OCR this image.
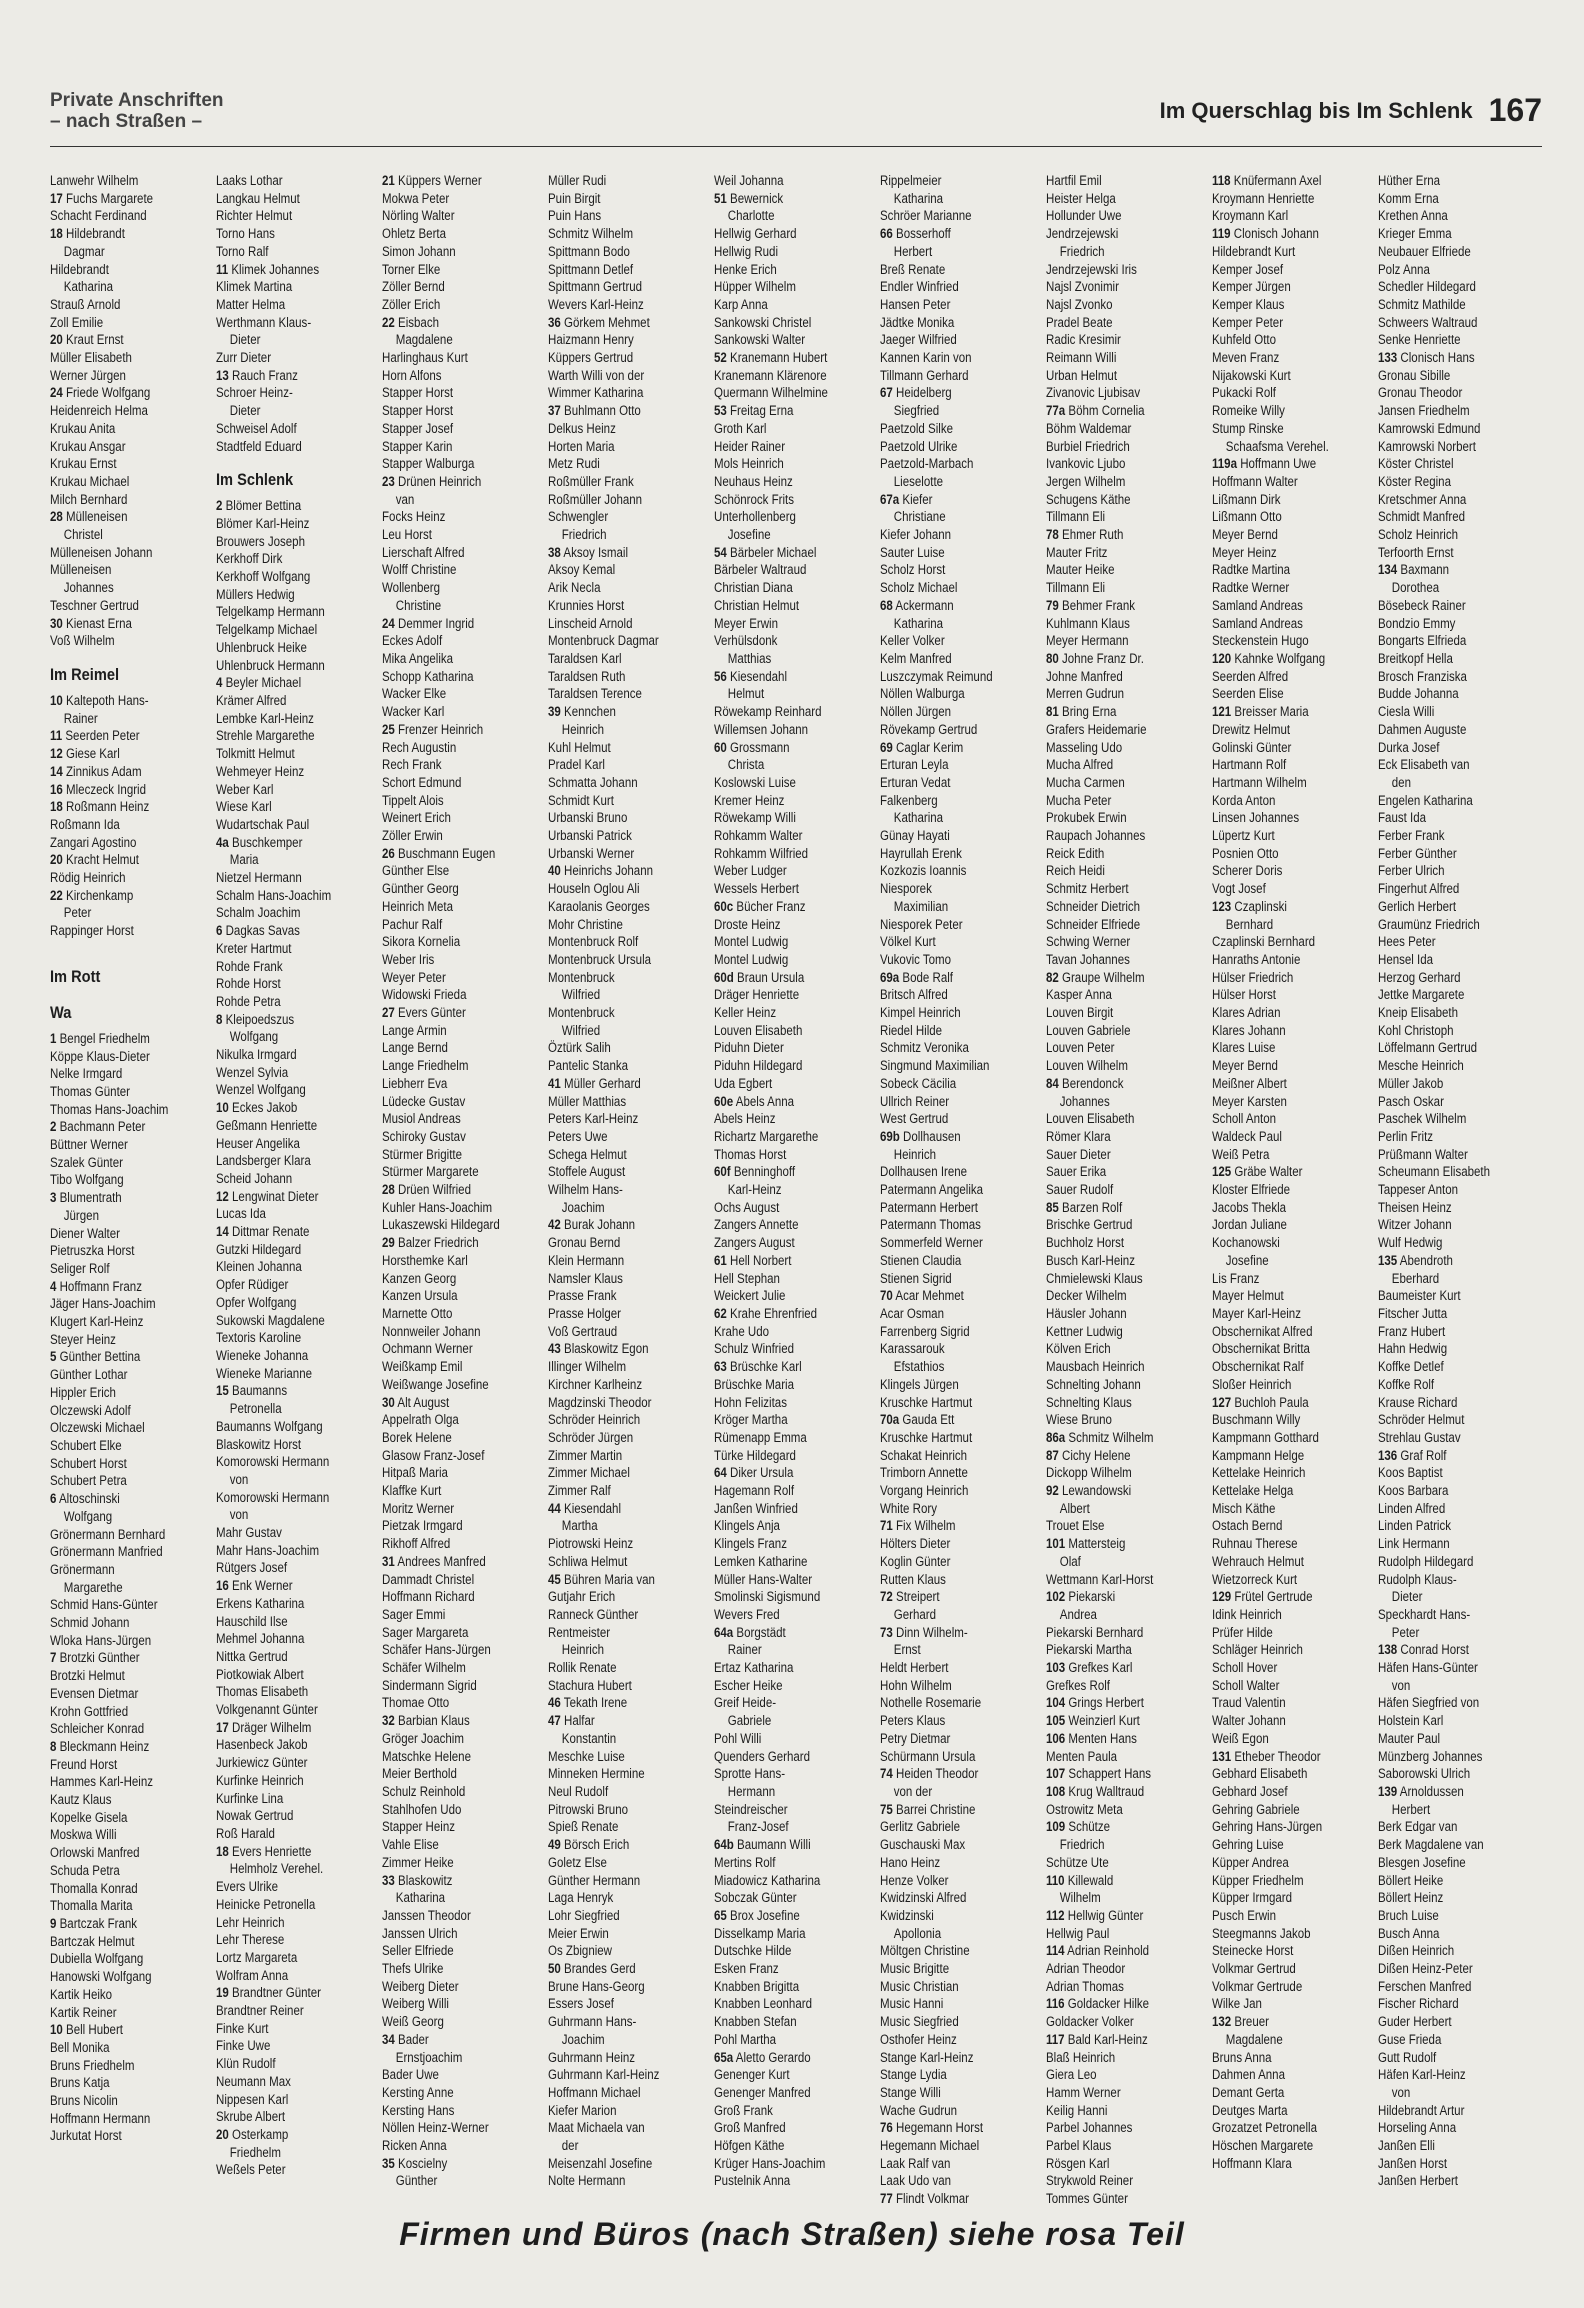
Private Anschriften
– nach Straßen –	Im Querschlag bis Im Schlenk 167
Lanwehr Wilhelm
17 Fuchs Margarete
Schacht Ferdinand
18 Hildebrandt
Dagmar
Hildebrandt
Katharina
Strauß Arnold
Zoll Emilie
20 Kraut Ernst
Müller Elisabeth
Werner Jürgen
24 Friede Wolfgang
Heidenreich Helma
Krukau Anita
Krukau Ansgar
Krukau Ernst
Krukau Michael
Milch Bernhard
28 Mülleneisen
Christel
Mülleneisen Johann
Mülleneisen
Johannes
Teschner Gertrud
30 Kienast Erna
Voß Wilhelm
Im Reimel
10 Kaltepoth Hans-
Rainer
11 Seerden Peter
12 Giese Karl
14 Zinnikus Adam
16 Mleczeck Ingrid
18 Roßmann Heinz
Roßmann Ida
Zangari Agostino
20 Kracht Helmut
Rödig Heinrich
22 Kirchenkamp
Peter
Rappinger Horst
Im Rott
Wa
1 Bengel Friedhelm
Köppe Klaus-Dieter
Nelke Irmgard
Thomas Günter
Thomas Hans-Joachim
2 Bachmann Peter
Büttner Werner
Szalek Günter
Tibo Wolfgang
3 Blumentrath
Jürgen
Diener Walter
Pietruszka Horst
Seliger Rolf
4 Hoffmann Franz
Jäger Hans-Joachim
Klugert Karl-Heinz
Steyer Heinz
5 Günther Bettina
Günther Lothar
Hippler Erich
Olczewski Adolf
Olczewski Michael
Schubert Elke
Schubert Horst
Schubert Petra
6 Altoschinski
Wolfgang
Grönermann Bernhard
Grönermann Manfried
Grönermann
Margarethe
Schmid Hans-Günter
Schmid Johann
Wloka Hans-Jürgen
7 Brotzki Günther
Brotzki Helmut
Evensen Dietmar
Krohn Gottfried
Schleicher Konrad
8 Bleckmann Heinz
Freund Horst
Hammes Karl-Heinz
Kautz Klaus
Kopelke Gisela
Moskwa Willi
Orlowski Manfred
Schuda Petra
Thomalla Konrad
Thomalla Marita
9 Bartczak Frank
Bartczak Helmut
Dubiella Wolfgang
Hanowski Wolfgang
Kartik Heiko
Kartik Reiner
10 Bell Hubert
Bell Monika
Bruns Friedhelm
Bruns Katja
Bruns Nicolin
Hoffmann Hermann
Jurkutat Horst
Laaks Lothar
Langkau Helmut
Richter Helmut
Torno Hans
Torno Ralf
11 Klimek Johannes
Klimek Martina
Matter Helma
Werthmann Klaus-
Dieter
Zurr Dieter
13 Rauch Franz
Schroer Heinz-
Dieter
Schweisel Adolf
Stadtfeld Eduard
Im Schlenk
2 Blömer Bettina
Blömer Karl-Heinz
Brouwers Joseph
Kerkhoff Dirk
Kerkhoff Wolfgang
Müllers Hedwig
Telgelkamp Hermann
Telgelkamp Michael
Uhlenbruck Heike
Uhlenbruck Hermann
4 Beyler Michael
Krämer Alfred
Lembke Karl-Heinz
Strehle Margarethe
Tolkmitt Helmut
Wehmeyer Heinz
Weber Karl
Wiese Karl
Wudartschak Paul
4a Buschkemper
Maria
Nietzel Hermann
Schalm Hans-Joachim
Schalm Joachim
6 Dagkas Savas
Kreter Hartmut
Rohde Frank
Rohde Horst
Rohde Petra
8 Kleipoedszus
Wolfgang
Nikulka Irmgard
Wenzel Sylvia
Wenzel Wolfgang
10 Eckes Jakob
Geßmann Henriette
Heuser Angelika
Landsberger Klara
Scheid Johann
12 Lengwinat Dieter
Lucas Ida
14 Dittmar Renate
Gutzki Hildegard
Kleinen Johanna
Opfer Rüdiger
Opfer Wolfgang
Sukowski Magdalene
Textoris Karoline
Wieneke Johanna
Wieneke Marianne
15 Baumanns
Petronella
Baumanns Wolfgang
Blaskowitz Horst
Komorowski Hermann
von
Komorowski Hermann
von
Mahr Gustav
Mahr Hans-Joachim
Rütgers Josef
16 Enk Werner
Erkens Katharina
Hauschild Ilse
Mehmel Johanna
Nittka Gertrud
Piotkowiak Albert
Thomas Elisabeth
Volkgenannt Günter
17 Dräger Wilhelm
Hasenbeck Jakob
Jurkiewicz Günter
Kurfinke Heinrich
Kurfinke Lina
Nowak Gertrud
Roß Harald
18 Evers Henriette
Helmholz Verehel.
Evers Ulrike
Heinicke Petronella
Lehr Heinrich
Lehr Therese
Lortz Margareta
Wolfram Anna
19 Brandtner Günter
Brandtner Reiner
Finke Kurt
Finke Uwe
Klün Rudolf
Neumann Max
Nippesen Karl
Skrube Albert
20 Osterkamp
Friedhelm
Weßels Peter
21 Küppers Werner
Mokwa Peter
Nörling Walter
Ohletz Berta
Simon Johann
Torner Elke
Zöller Bernd
Zöller Erich
22 Eisbach
Magdalene
Harlinghaus Kurt
Horn Alfons
Stapper Horst
Stapper Horst
Stapper Josef
Stapper Karin
Stapper Walburga
23 Drünen Heinrich
van
Focks Heinz
Leu Horst
Lierschaft Alfred
Wolff Christine
Wollenberg
Christine
24 Demmer Ingrid
Eckes Adolf
Mika Angelika
Schopp Katharina
Wacker Elke
Wacker Karl
25 Frenzer Heinrich
Rech Augustin
Rech Frank
Schort Edmund
Tippelt Alois
Weinert Erich
Zöller Erwin
26 Buschmann Eugen
Günther Else
Günther Georg
Heinrich Meta
Pachur Ralf
Sikora Kornelia
Weber Iris
Weyer Peter
Widowski Frieda
27 Evers Günter
Lange Armin
Lange Bernd
Lange Friedhelm
Liebherr Eva
Lüdecke Gustav
Musiol Andreas
Schiroky Gustav
Stürmer Brigitte
Stürmer Margarete
28 Drüen Wilfried
Kuhler Hans-Joachim
Lukaszewski Hildegard
29 Balzer Friedrich
Horsthemke Karl
Kanzen Georg
Kanzen Ursula
Marnette Otto
Nonnweiler Johann
Ochmann Werner
Weißkamp Emil
Weißwange Josefine
30 Alt August
Appelrath Olga
Borek Helene
Glasow Franz-Josef
Hitpaß Maria
Klaffke Kurt
Moritz Werner
Pietzak Irmgard
Rikhoff Alfred
31 Andrees Manfred
Dammadt Christel
Hoffmann Richard
Sager Emmi
Sager Margareta
Schäfer Hans-Jürgen
Schäfer Wilhelm
Sindermann Sigrid
Thomae Otto
32 Barbian Klaus
Gröger Joachim
Matschke Helene
Meier Berthold
Schulz Reinhold
Stahlhofen Udo
Stapper Heinz
Vahle Elise
Zimmer Heike
33 Blaskowitz
Katharina
Janssen Theodor
Janssen Ulrich
Seller Elfriede
Thefs Ulrike
Weiberg Dieter
Weiberg Willi
Weiß Georg
34 Bader
Ernstjoachim
Bader Uwe
Kersting Anne
Kersting Hans
Nöllen Heinz-Werner
Ricken Anna
35 Koscielny
Günther
Müller Rudi
Puin Birgit
Puin Hans
Schmitz Wilhelm
Spittmann Bodo
Spittmann Detlef
Spittmann Gertrud
Wevers Karl-Heinz
36 Görkem Mehmet
Haizmann Henry
Küppers Gertrud
Warth Willi von der
Wimmer Katharina
37 Buhlmann Otto
Delkus Heinz
Horten Maria
Metz Rudi
Roßmüller Frank
Roßmüller Johann
Schwengler
Friedrich
38 Aksoy Ismail
Aksoy Kemal
Arik Necla
Krunnies Horst
Linscheid Arnold
Montenbruck Dagmar
Taraldsen Karl
Taraldsen Ruth
Taraldsen Terence
39 Kennchen
Heinrich
Kuhl Helmut
Pradel Karl
Schmatta Johann
Schmidt Kurt
Urbanski Bruno
Urbanski Patrick
Urbanski Werner
40 Heinrichs Johann
Houseln Oglou Ali
Karaolanis Georges
Mohr Christine
Montenbruck Rolf
Montenbruck Ursula
Montenbruck
Wilfried
Montenbruck
Wilfried
Öztürk Salih
Pantelic Stanka
41 Müller Gerhard
Müller Matthias
Peters Karl-Heinz
Peters Uwe
Schega Helmut
Stoffele August
Wilhelm Hans-
Joachim
42 Burak Johann
Gronau Bernd
Klein Hermann
Namsler Klaus
Prasse Frank
Prasse Holger
Voß Gertraud
43 Blaskowitz Egon
Illinger Wilhelm
Kirchner Karlheinz
Magdzinski Theodor
Schröder Heinrich
Schröder Jürgen
Zimmer Martin
Zimmer Michael
Zimmer Ralf
44 Kiesendahl
Martha
Piotrowski Heinz
Schliwa Helmut
45 Bühren Maria van
Gutjahr Erich
Ranneck Günther
Rentmeister
Heinrich
Rollik Renate
Stachura Hubert
46 Tekath Irene
47 Halfar
Konstantin
Meschke Luise
Minneken Hermine
Neul Rudolf
Pitrowski Bruno
Spieß Renate
49 Börsch Erich
Goletz Else
Günther Hermann
Laga Henryk
Lohr Siegfried
Meier Erwin
Os Zbigniew
50 Brandes Gerd
Brune Hans-Georg
Essers Josef
Guhrmann Hans-
Joachim
Guhrmann Heinz
Guhrmann Karl-Heinz
Hoffmann Michael
Kiefer Marion
Maat Michaela van
der
Meisenzahl Josefine
Nolte Hermann
Weil Johanna
51 Bewernick
Charlotte
Hellwig Gerhard
Hellwig Rudi
Henke Erich
Hüpper Wilhelm
Karp Anna
Sankowski Christel
Sankowski Walter
52 Kranemann Hubert
Kranemann Klärenore
Quermann Wilhelmine
53 Freitag Erna
Groth Karl
Heider Rainer
Mols Heinrich
Neuhaus Heinz
Schönrock Frits
Unterhollenberg
Josefine
54 Bärbeler Michael
Bärbeler Waltraud
Christian Diana
Christian Helmut
Meyer Erwin
Verhülsdonk
Matthias
56 Kiesendahl
Helmut
Röwekamp Reinhard
Willemsen Johann
60 Grossmann
Christa
Koslowski Luise
Kremer Heinz
Röwekamp Willi
Rohkamm Walter
Rohkamm Wilfried
Weber Ludger
Wessels Herbert
60c Bücher Franz
Droste Heinz
Montel Ludwig
Montel Ludwig
60d Braun Ursula
Dräger Henriette
Keller Heinz
Louven Elisabeth
Piduhn Dieter
Piduhn Hildegard
Uda Egbert
60e Abels Anna
Abels Heinz
Richartz Margarethe
Thomas Horst
60f Benninghoff
Karl-Heinz
Ochs August
Zangers Annette
Zangers August
61 Hell Norbert
Hell Stephan
Weickert Julie
62 Krahe Ehrenfried
Krahe Udo
Schulz Winfried
63 Brüschke Karl
Brüschke Maria
Hohn Felizitas
Kröger Martha
Rümenapp Emma
Türke Hildegard
64 Diker Ursula
Hagemann Rolf
Janßen Winfried
Klingels Anja
Klingels Franz
Lemken Katharine
Müller Hans-Walter
Smolinski Sigismund
Wevers Fred
64a Borgstädt
Rainer
Ertaz Katharina
Escher Heike
Greif Heide-
Gabriele
Pohl Willi
Quenders Gerhard
Sprotte Hans-
Hermann
Steindreischer
Franz-Josef
64b Baumann Willi
Mertins Rolf
Miadowicz Katharina
Sobczak Günter
65 Brox Josefine
Disselkamp Maria
Dutschke Hilde
Esken Franz
Knabben Brigitta
Knabben Leonhard
Knabben Stefan
Pohl Martha
65a Aletto Gerardo
Genenger Kurt
Genenger Manfred
Groß Frank
Groß Manfred
Höfgen Käthe
Krüger Hans-Joachim
Pustelnik Anna
Rippelmeier
Katharina
Schröer Marianne
66 Bosserhoff
Herbert
Breß Renate
Endler Winfried
Hansen Peter
Jädtke Monika
Jaeger Wilfried
Kannen Karin von
Tillmann Gerhard
67 Heidelberg
Siegfried
Paetzold Silke
Paetzold Ulrike
Paetzold-Marbach
Lieselotte
67a Kiefer
Christiane
Kiefer Johann
Sauter Luise
Scholz Horst
Scholz Michael
68 Ackermann
Katharina
Keller Volker
Kelm Manfred
Luszczymak Reimund
Nöllen Walburga
Nöllen Jürgen
Rövekamp Gertrud
69 Caglar Kerim
Erturan Leyla
Erturan Vedat
Falkenberg
Katharina
Günay Hayati
Hayrullah Erenk
Kozkozis Ioannis
Niesporek
Maximilian
Niesporek Peter
Völkel Kurt
Vukovic Tomo
69a Bode Ralf
Britsch Alfred
Kimpel Heinrich
Riedel Hilde
Schmitz Veronika
Singmund Maximilian
Sobeck Cäcilia
Ullrich Reiner
West Gertrud
69b Dollhausen
Heinrich
Dollhausen Irene
Patermann Angelika
Patermann Herbert
Patermann Thomas
Sommerfeld Werner
Stienen Claudia
Stienen Sigrid
70 Acar Mehmet
Acar Osman
Farrenberg Sigrid
Karassarouk
Efstathios
Klingels Jürgen
Kruschke Hartmut
70a Gauda Ett
Kruschke Hartmut
Schakat Heinrich
Trimborn Annette
Vorgang Heinrich
White Rory
71 Fix Wilhelm
Hölters Dieter
Koglin Günter
Rutten Klaus
72 Streipert
Gerhard
73 Dinn Wilhelm-
Ernst
Heldt Herbert
Hohn Wilhelm
Nothelle Rosemarie
Peters Klaus
Petry Dietmar
Schürmann Ursula
74 Heiden Theodor
von der
75 Barrei Christine
Gerlitz Gabriele
Guschauski Max
Hano Heinz
Henze Volker
Kwidzinski Alfred
Kwidzinski
Apollonia
Möltgen Christine
Music Brigitte
Music Christian
Music Hanni
Music Siegfried
Osthofer Heinz
Stange Karl-Heinz
Stange Lydia
Stange Willi
Wache Gudrun
76 Hegemann Horst
Hegemann Michael
Laak Ralf van
Laak Udo van
77 Flindt Volkmar
Hartfil Emil
Heister Helga
Hollunder Uwe
Jendrzejewski
Friedrich
Jendrzejewski Iris
Najsl Zvonimir
Najsl Zvonko
Pradel Beate
Radic Kresimir
Reimann Willi
Urban Helmut
Zivanovic Ljubisav
77a Böhm Cornelia
Böhm Waldemar
Burbiel Friedrich
Ivankovic Ljubo
Jergen Wilhelm
Schugens Käthe
Tillmann Eli
78 Ehmer Ruth
Mauter Fritz
Mauter Heike
Tillmann Eli
79 Behmer Frank
Kuhlmann Klaus
Meyer Hermann
80 Johne Franz Dr.
Johne Manfred
Merren Gudrun
81 Bring Erna
Grafers Heidemarie
Masseling Udo
Mucha Alfred
Mucha Carmen
Mucha Peter
Prokubek Erwin
Raupach Johannes
Reick Edith
Reich Heidi
Schmitz Herbert
Schneider Dietrich
Schneider Elfriede
Schwing Werner
Tavan Johannes
82 Graupe Wilhelm
Kasper Anna
Louven Birgit
Louven Gabriele
Louven Peter
Louven Wilhelm
84 Berendonck
Johannes
Louven Elisabeth
Römer Klara
Sauer Dieter
Sauer Erika
Sauer Rudolf
85 Barzen Rolf
Brischke Gertrud
Buchholz Horst
Busch Karl-Heinz
Chmielewski Klaus
Decker Wilhelm
Häusler Johann
Kettner Ludwig
Kölven Erich
Mausbach Heinrich
Schnelting Johann
Schnelting Klaus
Wiese Bruno
86a Schmitz Wilhelm
87 Cichy Helene
Dickopp Wilhelm
92 Lewandowski
Albert
Trouet Else
101 Mattersteig
Olaf
Wettmann Karl-Horst
102 Piekarski
Andrea
Piekarski Bernhard
Piekarski Martha
103 Grefkes Karl
Grefkes Rolf
104 Grings Herbert
105 Weinzierl Kurt
106 Menten Hans
Menten Paula
107 Schappert Hans
108 Krug Walltraud
Ostrowitz Meta
109 Schütze
Friedrich
Schütze Ute
110 Killewald
Wilhelm
112 Hellwig Günter
Hellwig Paul
114 Adrian Reinhold
Adrian Theodor
Adrian Thomas
116 Goldacker Hilke
Goldacker Volker
117 Bald Karl-Heinz
Blaß Heinrich
Giera Leo
Hamm Werner
Keilig Hanni
Parbel Johannes
Parbel Klaus
Rösgen Karl
Strykwold Reiner
Tommes Günter
118 Knüfermann Axel
Kroymann Henriette
Kroymann Karl
119 Clonisch Johann
Hildebrandt Kurt
Kemper Josef
Kemper Jürgen
Kemper Klaus
Kemper Peter
Kuhfeld Otto
Meven Franz
Nijakowski Kurt
Pukacki Rolf
Romeike Willy
Stump Rinske
Schaafsma Verehel.
119a Hoffmann Uwe
Hoffmann Walter
Lißmann Dirk
Lißmann Otto
Meyer Bernd
Meyer Heinz
Radtke Martina
Radtke Werner
Samland Andreas
Samland Andreas
Steckenstein Hugo
120 Kahnke Wolfgang
Seerden Alfred
Seerden Elise
121 Breisser Maria
Drewitz Helmut
Golinski Günter
Hartmann Rolf
Hartmann Wilhelm
Korda Anton
Linsen Johannes
Lüpertz Kurt
Posnien Otto
Scherer Doris
Vogt Josef
123 Czaplinski
Bernhard
Czaplinski Bernhard
Hanraths Antonie
Hülser Friedrich
Hülser Horst
Klares Adrian
Klares Johann
Klares Luise
Meyer Bernd
Meißner Albert
Meyer Karsten
Scholl Anton
Waldeck Paul
Weiß Petra
125 Gräbe Walter
Kloster Elfriede
Jacobs Thekla
Jordan Juliane
Kochanowski
Josefine
Lis Franz
Mayer Helmut
Mayer Karl-Heinz
Obschernikat Alfred
Obschernikat Britta
Obschernikat Ralf
Sloßer Heinrich
127 Buchloh Paula
Buschmann Willy
Kampmann Gotthard
Kampmann Helge
Kettelake Heinrich
Kettelake Helga
Misch Käthe
Ostach Bernd
Ruhnau Therese
Wehrauch Helmut
Wietzorreck Kurt
129 Frütel Gertrude
Idink Heinrich
Prüfer Hilde
Schläger Heinrich
Scholl Hover
Scholl Walter
Traud Valentin
Walter Johann
Weiß Egon
131 Etheber Theodor
Gebhard Elisabeth
Gebhard Josef
Gehring Gabriele
Gehring Hans-Jürgen
Gehring Luise
Küpper Andrea
Küpper Friedhelm
Küpper Irmgard
Pusch Erwin
Steegmanns Jakob
Steinecke Horst
Volkmar Gertrud
Volkmar Gertrude
Wilke Jan
132 Breuer
Magdalene
Bruns Anna
Dahmen Anna
Demant Gerta
Deutges Marta
Grozatzet Petronella
Höschen Margarete
Hoffmann Klara
Hüther Erna
Komm Erna
Krethen Anna
Krieger Emma
Neubauer Elfriede
Polz Anna
Schedler Hildegard
Schmitz Mathilde
Schweers Waltraud
Senke Henriette
133 Clonisch Hans
Gronau Sibille
Gronau Theodor
Jansen Friedhelm
Kamrowski Edmund
Kamrowski Norbert
Köster Christel
Köster Regina
Kretschmer Anna
Schmidt Manfred
Scholz Heinrich
Terfoorth Ernst
134 Baxmann
Dorothea
Bösebeck Rainer
Bondzio Emmy
Bongarts Elfrieda
Breitkopf Hella
Brosch Franziska
Budde Johanna
Ciesla Willi
Dahmen Auguste
Durka Josef
Eck Elisabeth van
den
Engelen Katharina
Faust Ida
Ferber Frank
Ferber Günther
Ferber Ulrich
Fingerhut Alfred
Gerlich Herbert
Graumünz Friedrich
Hees Peter
Hensel Ida
Herzog Gerhard
Jettke Margarete
Kneip Elisabeth
Kohl Christoph
Löffelmann Gertrud
Mesche Heinrich
Müller Jakob
Pasch Oskar
Paschek Wilhelm
Perlin Fritz
Prüßmann Walter
Scheumann Elisabeth
Tappeser Anton
Theisen Heinz
Witzer Johann
Wulf Hedwig
135 Abendroth
Eberhard
Baumeister Kurt
Fitscher Jutta
Franz Hubert
Hahn Hedwig
Koffke Detlef
Koffke Rolf
Krause Richard
Schröder Helmut
Strehlau Gustav
136 Graf Rolf
Koos Baptist
Koos Barbara
Linden Alfred
Linden Patrick
Link Hermann
Rudolph Hildegard
Rudolph Klaus-
Dieter
Speckhardt Hans-
Peter
138 Conrad Horst
Häfen Hans-Günter
von
Häfen Siegfried von
Holstein Karl
Mauter Paul
Münzberg Johannes
Saborowski Ulrich
139 Arnoldussen
Herbert
Berk Edgar van
Berk Magdalene van
Blesgen Josefine
Böllert Heike
Böllert Heinz
Bruch Luise
Busch Anna
Dißen Heinrich
Dißen Heinz-Peter
Ferschen Manfred
Fischer Richard
Guder Herbert
Guse Frieda
Gutt Rudolf
Häfen Karl-Heinz
von
Hildebrandt Artur
Horseling Anna
Janßen Elli
Janßen Horst
Janßen Herbert
Firmen und Büros (nach Straßen) siehe rosa Teil
